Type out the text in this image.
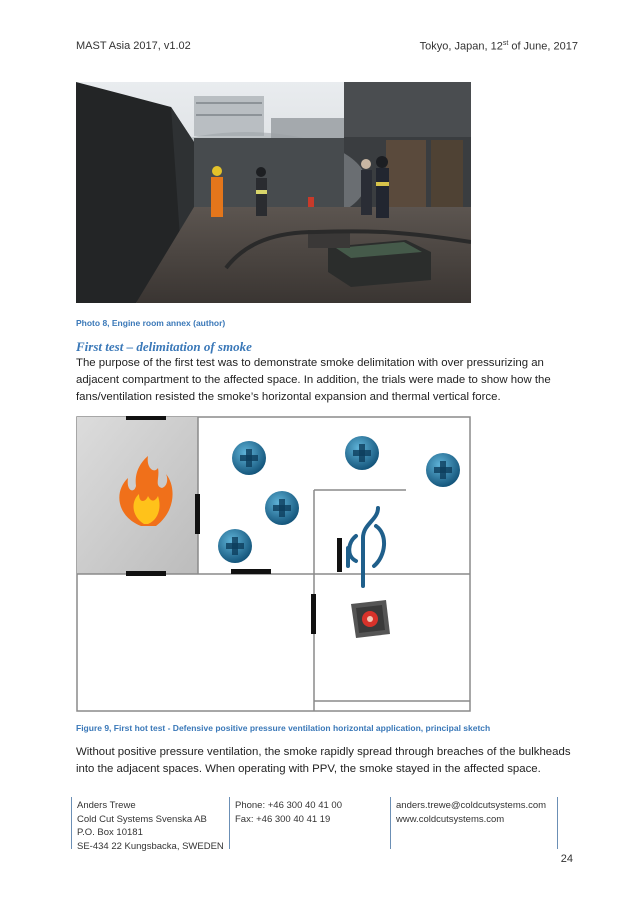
MAST Asia 2017, v1.02	Tokyo, Japan, 12st of June, 2017
Photo 8, Engine room annex (author)
First test – delimitation of smoke
The purpose of the first test was to demonstrate smoke delimitation with over pressurizing an
adjacent compartment to the affected space. In addition, the trials were made to show how the
fans/ventilation resisted the smoke’s horizontal expansion and thermal vertical force.
Figure 9, First hot test - Defensive positive pressure ventilation horizontal application, principal sketch
Without positive pressure ventilation, the smoke rapidly spread through breaches of the bulkheads
into the adjacent spaces. When operating with PPV, the smoke stayed in the affected space.
Anders Trewe
Cold Cut Systems Svenska AB
P.O. Box 10181
SE-434 22 Kungsbacka, SWEDEN
Phone: +46 300 40 41 00
Fax: +46 300 40 41 19
anders.trewe@coldcutsystems.com
www.coldcutsystems.com
24
